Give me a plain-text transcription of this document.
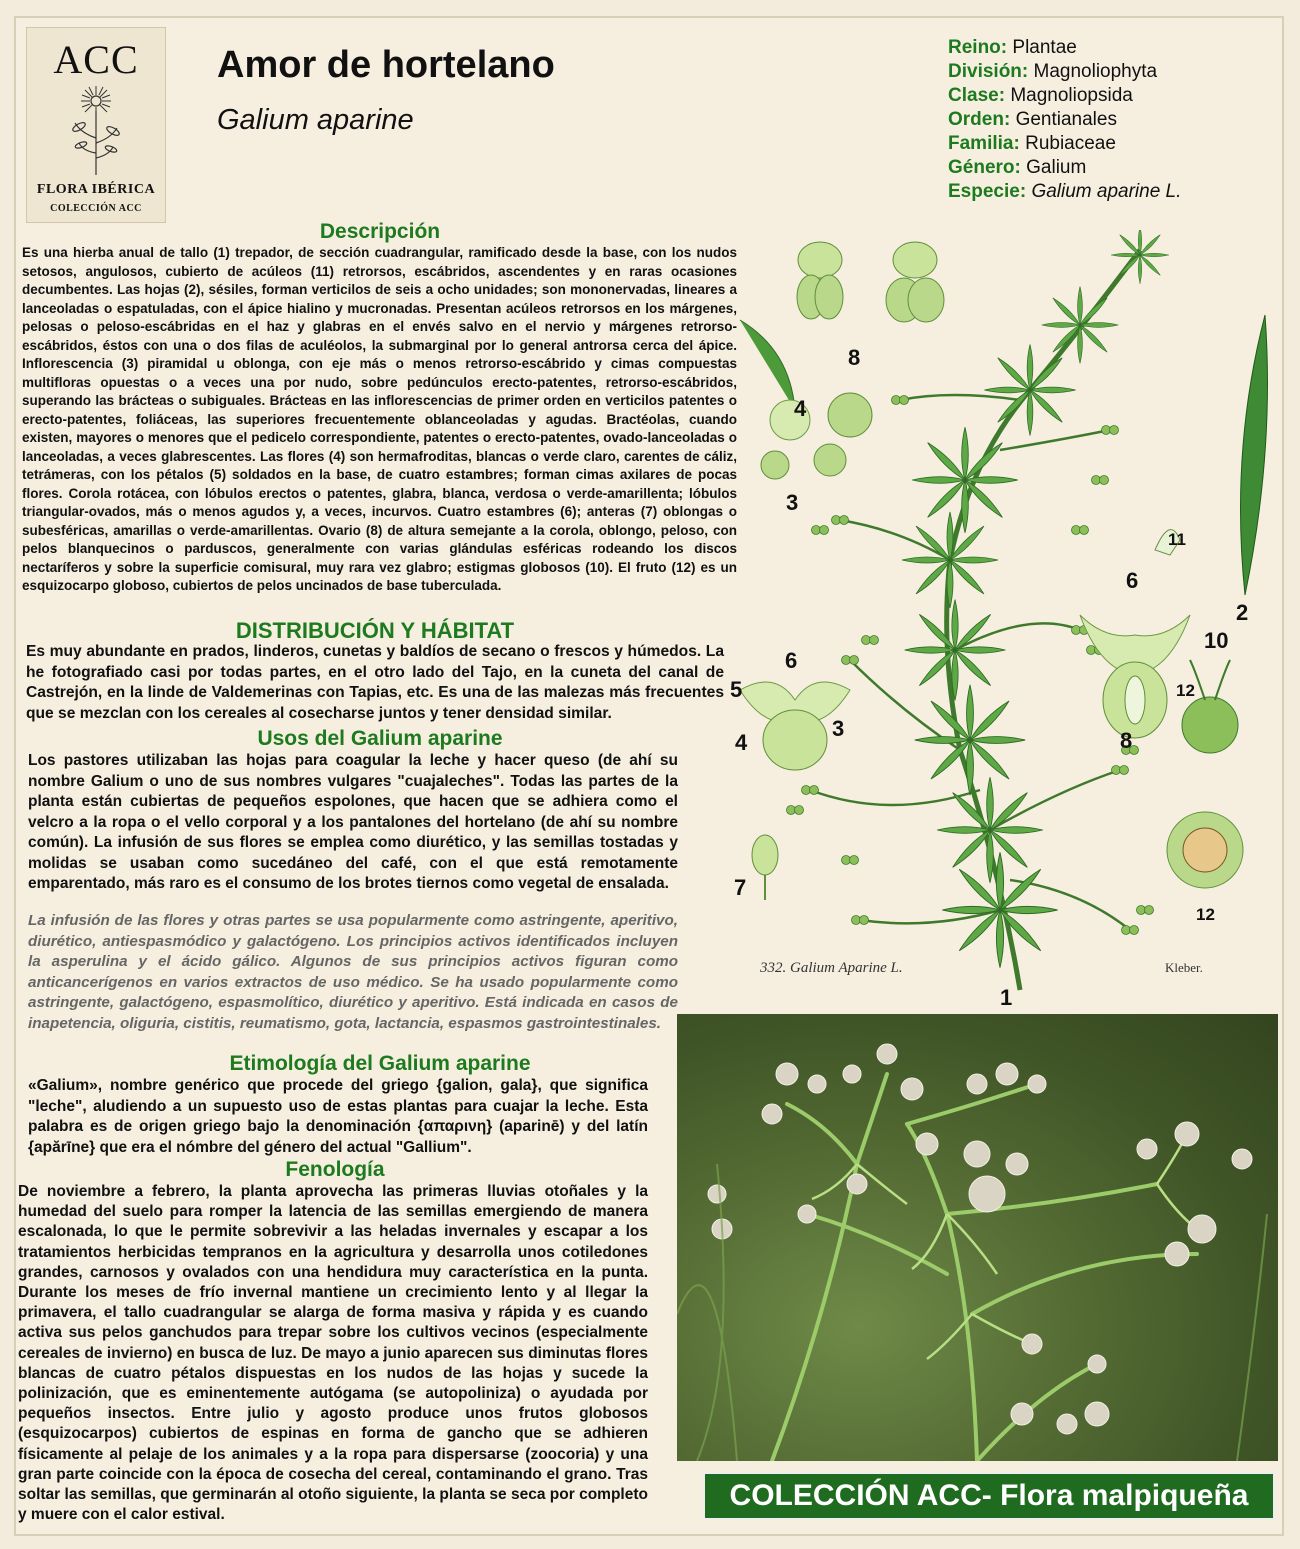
ACC
FLORA IBÉRICA
COLECCIÓN ACC
Amor de hortelano
Galium aparine
Reino: Plantae
División: Magnoliophyta
Clase: Magnoliopsida
Orden: Gentianales
Familia: Rubiaceae
Género: Galium
Especie: Galium aparine L.
Descripción
Es una hierba anual de tallo (1) trepador, de sección cuadrangular, ramificado desde la base, con los nudos setosos, angulosos, cubierto de acúleos (11) retrorsos, escábridos, ascendentes y en raras ocasiones decumbentes. Las hojas (2), sésiles, forman verticilos de seis a ocho unidades; son mononervadas, lineares a lanceoladas o espatuladas, con el ápice hialino y mucronadas. Presentan acúleos retrorsos en los márgenes, pelosas o peloso-escábridas en el haz y glabras en el envés salvo en el nervio y márgenes retrorso-escábridos, éstos con una o dos filas de aculéolos, la submarginal por lo general antrorsa cerca del ápice. Inflorescencia (3) piramidal u oblonga, con eje más o menos retrorso-escábrido y cimas compuestas multifloras opuestas o a veces una por nudo, sobre pedúnculos erecto-patentes, retrorso-escábridos, superando las brácteas o subiguales. Brácteas en las inflorescencias de primer orden en verticilos patentes o erecto-patentes, foliáceas, las superiores frecuentemente oblanceoladas y agudas. Bractéolas, cuando existen, mayores o menores que el pedicelo correspondiente, patentes o erecto-patentes, ovado-lanceoladas o lanceoladas, a veces glabrescentes. Las flores (4) son hermafroditas, blancas o verde claro, carentes de cáliz, tetrámeras, con los pétalos (5) soldados en la base, de cuatro estambres; forman cimas axilares de pocas flores. Corola rotácea, con lóbulos erectos o patentes, glabra, blanca, verdosa o verde-amarillenta; lóbulos triangular-ovados, más o menos agudos y, a veces, incurvos. Cuatro estambres (6); anteras (7) oblongas o subesféricas, amarillas o verde-amarillentas. Ovario (8) de altura semejante a la corola, oblongo, peloso, con pelos blanquecinos o parduscos, generalmente con varias glándulas esféricas rodeando los discos nectaríferos y sobre la superficie comisural, muy rara vez glabro; estigmas globosos (10). El fruto (12) es un esquizocarpo globoso, cubiertos de pelos uncinados de base tuberculada.
DISTRIBUCIÓN Y HÁBITAT
Es muy abundante en prados, linderos, cunetas y baldíos de secano o frescos y húmedos. La he fotografiado casi por todas partes, en el otro lado del Tajo, en la cuneta del canal de Castrejón, en la linde de Valdemerinas con Tapias, etc. Es una de las malezas más frecuentes que se mezclan con los cereales al cosecharse juntos y tener densidad similar.
Usos del Galium aparine
Los pastores utilizaban las hojas para coagular la leche y hacer queso (de ahí su nombre Galium o uno de sus nombres vulgares "cuajaleches". Todas las partes de la planta están cubiertas de pequeños espolones, que hacen que se adhiera como el velcro a la ropa o el vello corporal y a los pantalones del hortelano (de ahí su nombre común). La infusión de sus flores se emplea como diurético, y las semillas tostadas y molidas se usaban como sucedáneo del café, con el que está remotamente emparentado, más raro es el consumo de los brotes tiernos como vegetal de ensalada.
La infusión de las flores y otras partes se usa popularmente como astringente, aperitivo, diurético, antiespasmódico y galactógeno. Los principios activos identificados incluyen la asperulina y el ácido gálico. Algunos de sus principios activos figuran como anticancerígenos en varios extractos de uso médico. Se ha usado popularmente como astringente, galactógeno, espasmolítico, diurético y aperitivo. Está indicada en casos de inapetencia, oliguria, cistitis, reumatismo, gota, lactancia, espasmos gastrointestinales.
Etimología del Galium aparine
«Galium», nombre genérico que procede del griego {galion, gala}, que significa "leche", aludiendo a un supuesto uso de estas plantas para cuajar la leche. Esta palabra es de origen griego bajo la denominación {απαρινη} (aparinē) y del latín {apărīne} que era el nómbre del género del actual "Gallium".
Fenología
De noviembre a febrero, la planta aprovecha las primeras lluvias otoñales y la humedad del suelo para romper la latencia de las semillas emergiendo de manera escalonada, lo que le permite sobrevivir a las heladas invernales y escapar a los tratamientos herbicidas tempranos en la agricultura y desarrolla unos cotiledones grandes, carnosos y ovalados con una hendidura muy característica en la punta. Durante los meses de frío invernal mantiene un crecimiento lento y al llegar la primavera, el tallo cuadrangular se alarga de forma masiva y rápida y es cuando activa sus pelos ganchudos para trepar sobre los cultivos vecinos (especialmente cereales de invierno) en busca de luz. De mayo a junio aparecen sus diminutas flores blancas de cuatro pétalos dispuestas en los nudos de las hojas y sucede la polinización, que es eminentemente autógama (se autopoliniza) o ayudada por pequeños insectos. Entre julio y agosto produce unos frutos globosos (esquizocarpos) cubiertos de espinas en forma de gancho que se adhieren físicamente al pelaje de los animales y a la ropa para dispersarse (zoocoria) y una gran parte coincide con la época de cosecha del cereal, contaminando el grano. Tras soltar las semillas, que germinarán al otoño siguiente, la planta se seca por completo y muere con el calor estival.
8
4
3
11
2
6
10
12
8
6
5
3
4
7
12
1
332. Galium Aparine L.	Kleber.
COLECCIÓN ACC- Flora malpiqueña
